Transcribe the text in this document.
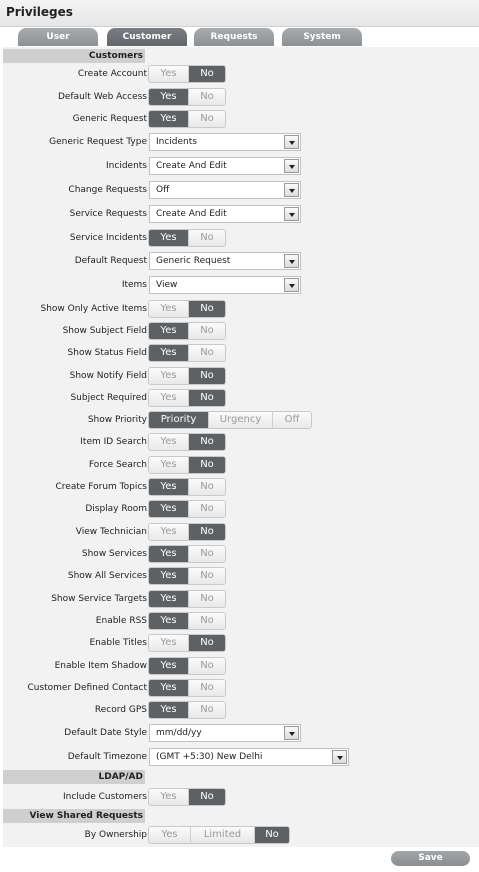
Privileges
User	Customer	Requests	System
Customers
LDAP/AD
View Shared Requests
Create Account	Yes	No
Default Web Access	Yes	No
Generic Request	Yes	No
Generic Request Type	Incidents
Incidents	Create And Edit
Change Requests	Off
Service Requests	Create And Edit
Service Incidents	Yes	No
Default Request	Generic Request
Items	View
Show Only Active Items	Yes	No
Show Subject Field	Yes	No
Show Status Field	Yes	No
Show Notify Field	Yes	No
Subject Required	Yes	No
Show Priority	Priority	Urgency	Off
Item ID Search	Yes	No
Force Search	Yes	No
Create Forum Topics	Yes	No
Display Room	Yes	No
View Technician	Yes	No
Show Services	Yes	No
Show All Services	Yes	No
Show Service Targets	Yes	No
Enable RSS	Yes	No
Enable Titles	Yes	No
Enable Item Shadow	Yes	No
Customer Defined Contact	Yes	No
Record GPS	Yes	No
Default Date Style	mm/dd/yy
Default Timezone	(GMT +5:30) New Delhi
Include Customers	Yes	No
By Ownership	Yes	Limited	No
Save
